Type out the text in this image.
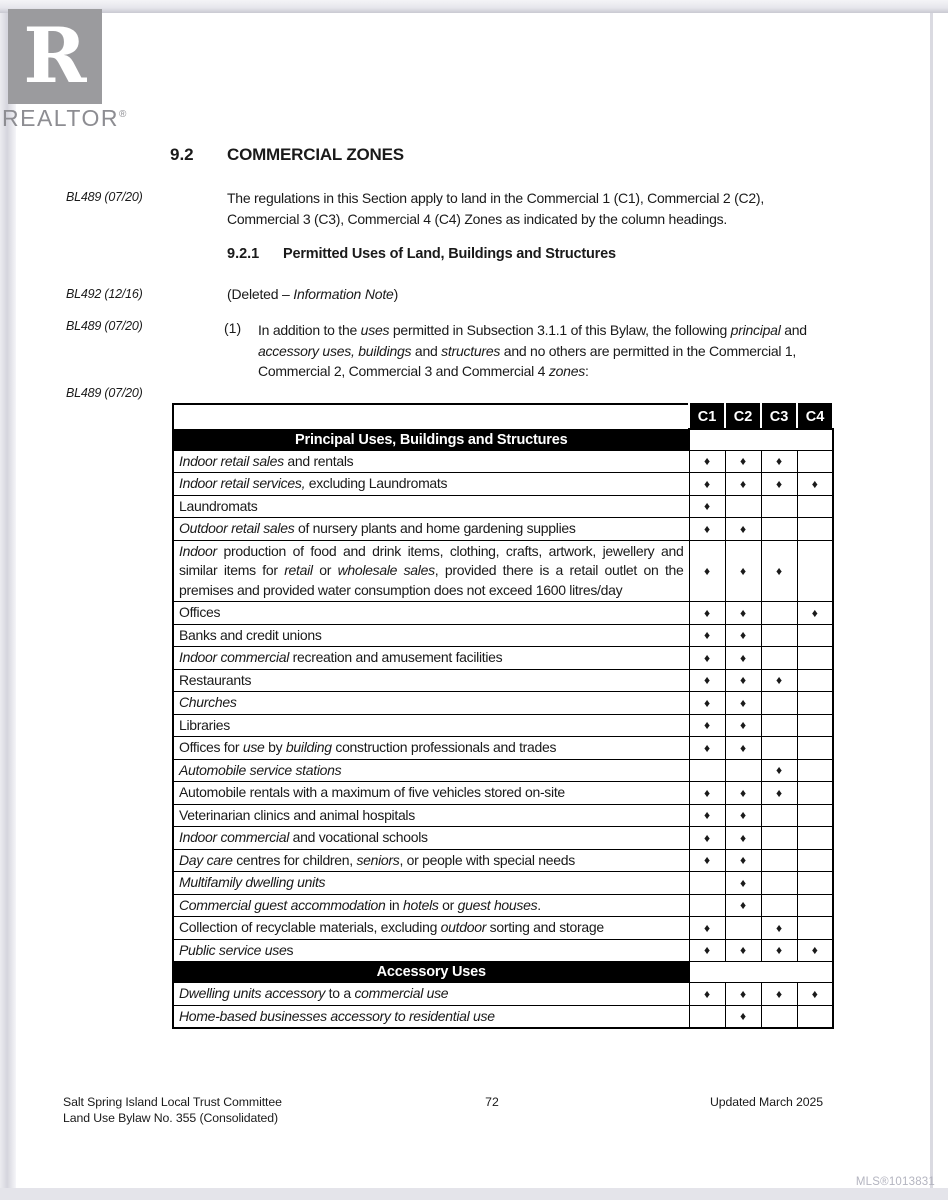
R
REALTOR®
BL489 (07/20)
BL492 (12/16)
BL489 (07/20)
BL489 (07/20)
9.2 COMMERCIAL ZONES
The regulations in this Section apply to land in the Commercial 1 (C1), Commercial 2 (C2), Commercial 3 (C3), Commercial 4 (C4) Zones as indicated by the column headings.
9.2.1 Permitted Uses of Land, Buildings and Structures
(Deleted – Information Note)
(1) In addition to the uses permitted in Subsection 3.1.1 of this Bylaw, the following principal and accessory uses, buildings and structures and no others are permitted in the Commercial 1, Commercial 2, Commercial 3 and Commercial 4 zones:
	C1	C2	C3	C4
Principal Uses, Buildings and Structures				
Indoor retail sales and rentals	♦	♦	♦	
Indoor retail services, excluding Laundromats	♦	♦	♦	♦
Laundromats	♦			
Outdoor retail sales of nursery plants and home gardening supplies	♦	♦		
Indoor production of food and drink items, clothing, crafts, artwork, jewellery and similar items for retail or wholesale sales, provided there is a retail outlet on the premises and provided water consumption does not exceed 1600 litres/day	♦	♦	♦	
Offices	♦	♦		♦
Banks and credit unions	♦	♦		
Indoor commercial recreation and amusement facilities	♦	♦		
Restaurants	♦	♦	♦	
Churches	♦	♦		
Libraries	♦	♦		
Offices for use by building construction professionals and trades	♦	♦		
Automobile service stations			♦	
Automobile rentals with a maximum of five vehicles stored on-site	♦	♦	♦	
Veterinarian clinics and animal hospitals	♦	♦		
Indoor commercial and vocational schools	♦	♦		
Day care centres for children, seniors, or people with special needs	♦	♦		
Multifamily dwelling units		♦		
Commercial guest accommodation in hotels or guest houses.		♦		
Collection of recyclable materials, excluding outdoor sorting and storage	♦		♦	
Public service uses	♦	♦	♦	♦
Accessory Uses				
Dwelling units accessory to a commercial use	♦	♦	♦	♦
Home-based businesses accessory to residential use		♦		
Salt Spring Island Local Trust Committee
Land Use Bylaw No. 355 (Consolidated)
72	Updated March 2025
MLS®1013831
